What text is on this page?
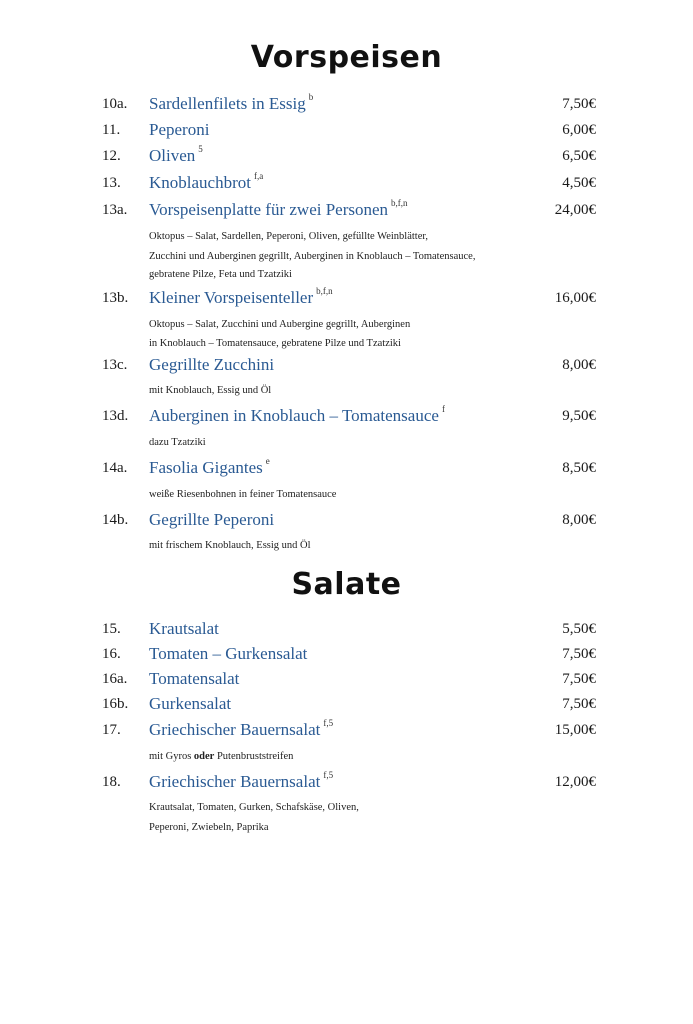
Vorspeisen
10a. Sardellenfilets in Essig $^b$	7,50€
11. Peperoni	6,00€
12. Oliven $^5$	6,50€
13. Knoblauchbrot $^{f,a}$	4,50€
13a. Vorspeisenplatte für zwei Personen $^{b,f,n}$	24,00€
Oktopus – Salat, Sardellen, Peperoni, Oliven, gefüllte Weinblätter,
Zucchini und Auberginen gegrillt, Auberginen in Knoblauch – Tomatensauce,
gebratene Pilze, Feta und Tzatziki
13b. Kleiner Vorspeisenteller $^{b,f,n}$	16,00€
Oktopus – Salat, Zucchini und Aubergine gegrillt, Auberginen
in Knoblauch – Tomatensauce, gebratene Pilze und Tzatziki
13c. Gegrillte Zucchini	8,00€
mit Knoblauch, Essig und Öl
13d. Auberginen in Knoblauch – Tomatensauce $^f$	9,50€
dazu Tzatziki
14a. Fasolia Gigantes $^e$	8,50€
weiße Riesenbohnen in feiner Tomatensauce
14b. Gegrillte Peperoni	8,00€
mit frischem Knoblauch, Essig und Öl
Salate
15. Krautsalat	5,50€
16. Tomaten – Gurkensalat	7,50€
16a. Tomatensalat	7,50€
16b. Gurkensalat	7,50€
17. Griechischer Bauernsalat $^{f,5}$	15,00€
mit Gyros oder Putenbruststreifen
18. Griechischer Bauernsalat $^{f,5}$	12,00€
Krautsalat, Tomaten, Gurken, Schafskäse, Oliven,
Peperoni, Zwiebeln, Paprika
